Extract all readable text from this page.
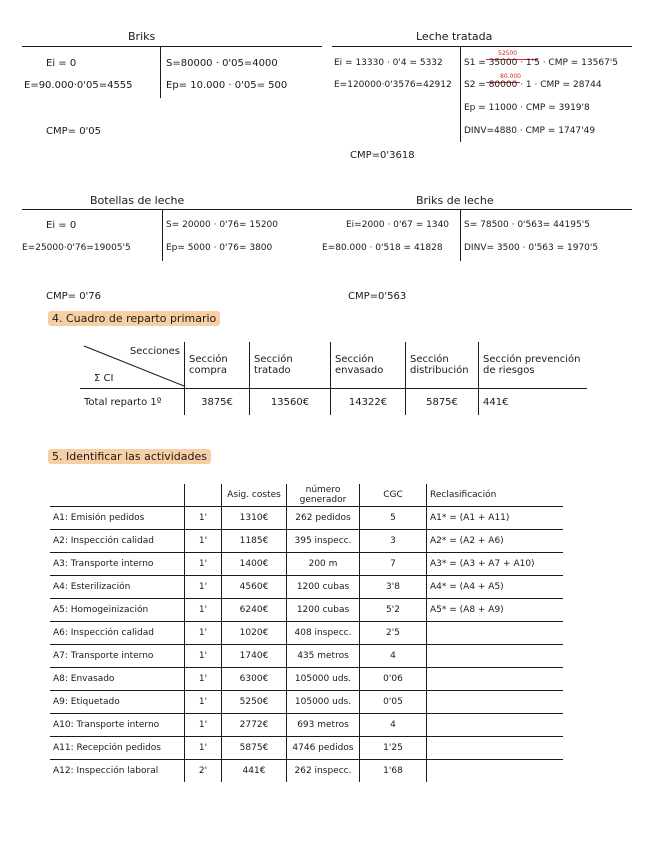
Briks
Ei = 0
E=90.000·0'05=4555
S=80000 · 0'05=4000
Ep= 10.000 · 0'05= 500
CMP= 0'05
Leche tratada
Ei = 13330 · 0'4 = 5332
E=120000·0'3576=42912
52500
S1 = 35000 · 1'5 · CMP = 13567'5
80.000
S2 = 80000 · 1 · CMP = 28744
Ep = 11000 · CMP = 3919'8
DINV=4880 · CMP = 1747'49
CMP=0'3618
Botellas de leche
Ei = 0
E=25000·0'76=19005'5
S= 20000 · 0'76= 15200
Ep= 5000 · 0'76= 3800
CMP= 0'76
Briks de leche
Ei=2000 · 0'67 = 1340
E=80.000 · 0'518 = 41828
S= 78500 · 0'563= 44195'5
DINV= 3500 · 0'563 = 1970'5
CMP=0'563
4. Cuadro de reparto primario
Secciones
Σ CI	Sección compra	Sección tratado	Sección envasado	Sección distribución	Sección prevención de riesgos
Total reparto 1º	3875€	13560€	14322€	5875€	441€
5. Identificar las actividades
		Asig. costes	número generador	CGC	Reclasificación
A1: Emisión pedidos	1'	1310€	262 pedidos	5	A1* = (A1 + A11)
A2: Inspección calidad	1'	1185€	395 inspecc.	3	A2* = (A2 + A6)
A3: Transporte interno	1'	1400€	200 m	7	A3* = (A3 + A7 + A10)
A4: Esterilización	1'	4560€	1200 cubas	3'8	A4* = (A4 + A5)
A5: Homogeinización	1'	6240€	1200 cubas	5'2	A5* = (A8 + A9)
A6: Inspección calidad	1'	1020€	408 inspecc.	2'5	
A7: Transporte interno	1'	1740€	435 metros	4	
A8: Envasado	1'	6300€	105000 uds.	0'06	
A9: Etiquetado	1'	5250€	105000 uds.	0'05	
A10: Transporte interno	1'	2772€	693 metros	4	
A11: Recepción pedidos	1'	5875€	4746 pedidos	1'25	
A12: Inspección laboral	2'	441€	262 inspecc.	1'68	
